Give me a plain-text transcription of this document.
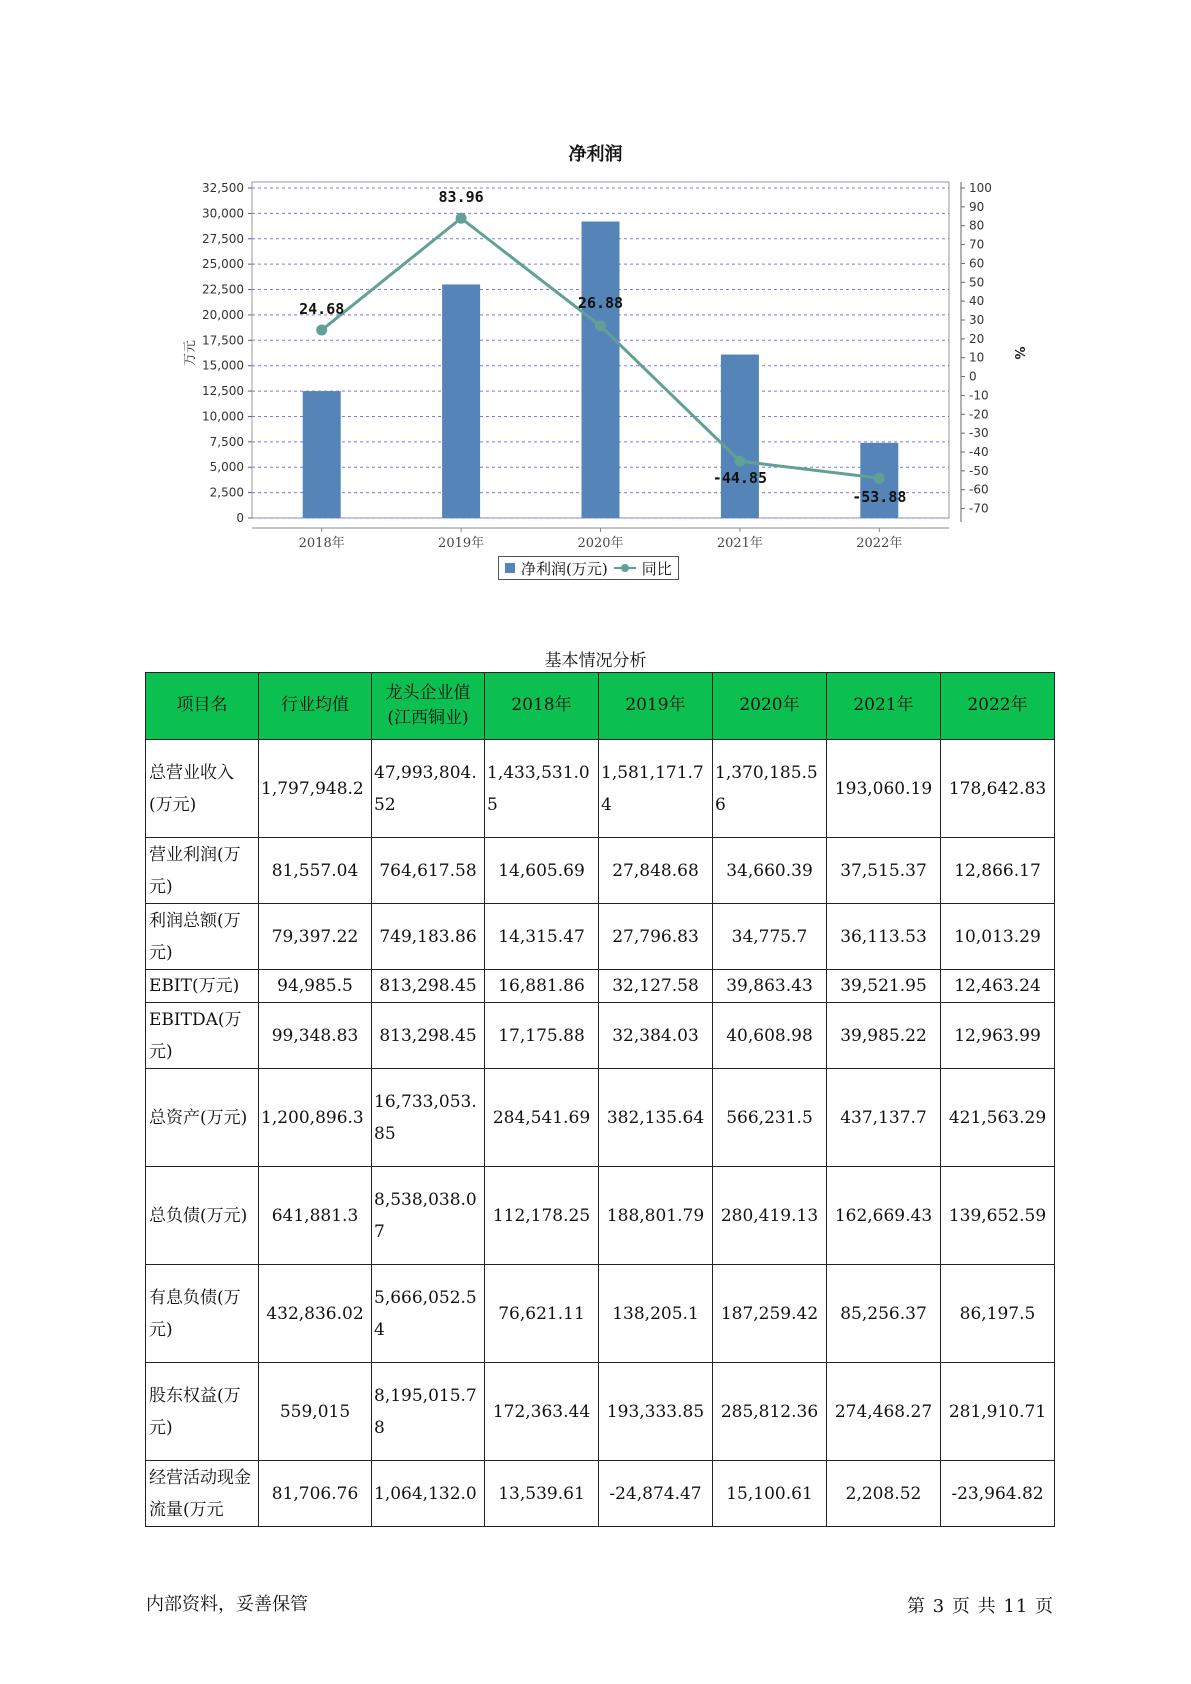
净利润
0
2,500
5,000
7,500
10,000
12,500
15,000
17,500
20,000
22,500
25,000
27,500
30,000
32,500
-70
-60
-50
-40
-30
-20
-10
0
10
20
30
40
50
60
70
80
90
100
万元	%
2018年	2019年	2020年	2021年	2022年
24.68
83.96
26.88
-44.85
-53.88
净利润(万元) 同比
基本情况分析
项目名	行业均值	龙头企业值(江西铜业)	2018年	2019年	2020年	2021年	2022年
总营业收入(万元)	1,797,948.2	47,993,804.52	1,433,531.05	1,581,171.74	1,370,185.56	193,060.19	178,642.83
营业利润(万元)	81,557.04	764,617.58	14,605.69	27,848.68	34,660.39	37,515.37	12,866.17
利润总额(万元)	79,397.22	749,183.86	14,315.47	27,796.83	34,775.7	36,113.53	10,013.29
EBIT(万元)	94,985.5	813,298.45	16,881.86	32,127.58	39,863.43	39,521.95	12,463.24
EBITDA(万元)	99,348.83	813,298.45	17,175.88	32,384.03	40,608.98	39,985.22	12,963.99
总资产(万元)	1,200,896.3	16,733,053.85	284,541.69	382,135.64	566,231.5	437,137.7	421,563.29
总负债(万元)	641,881.3	8,538,038.07	112,178.25	188,801.79	280,419.13	162,669.43	139,652.59
有息负债(万元)	432,836.02	5,666,052.54	76,621.11	138,205.1	187,259.42	85,256.37	86,197.5
股东权益(万元)	559,015	8,195,015.78	172,363.44	193,333.85	285,812.36	274,468.27	281,910.71
经营活动现金流量(万元	81,706.76	1,064,132.0	13,539.61	-24,874.47	15,100.61	2,208.52	-23,964.82
内部资料，妥善保管	第 3 页 共 11 页
